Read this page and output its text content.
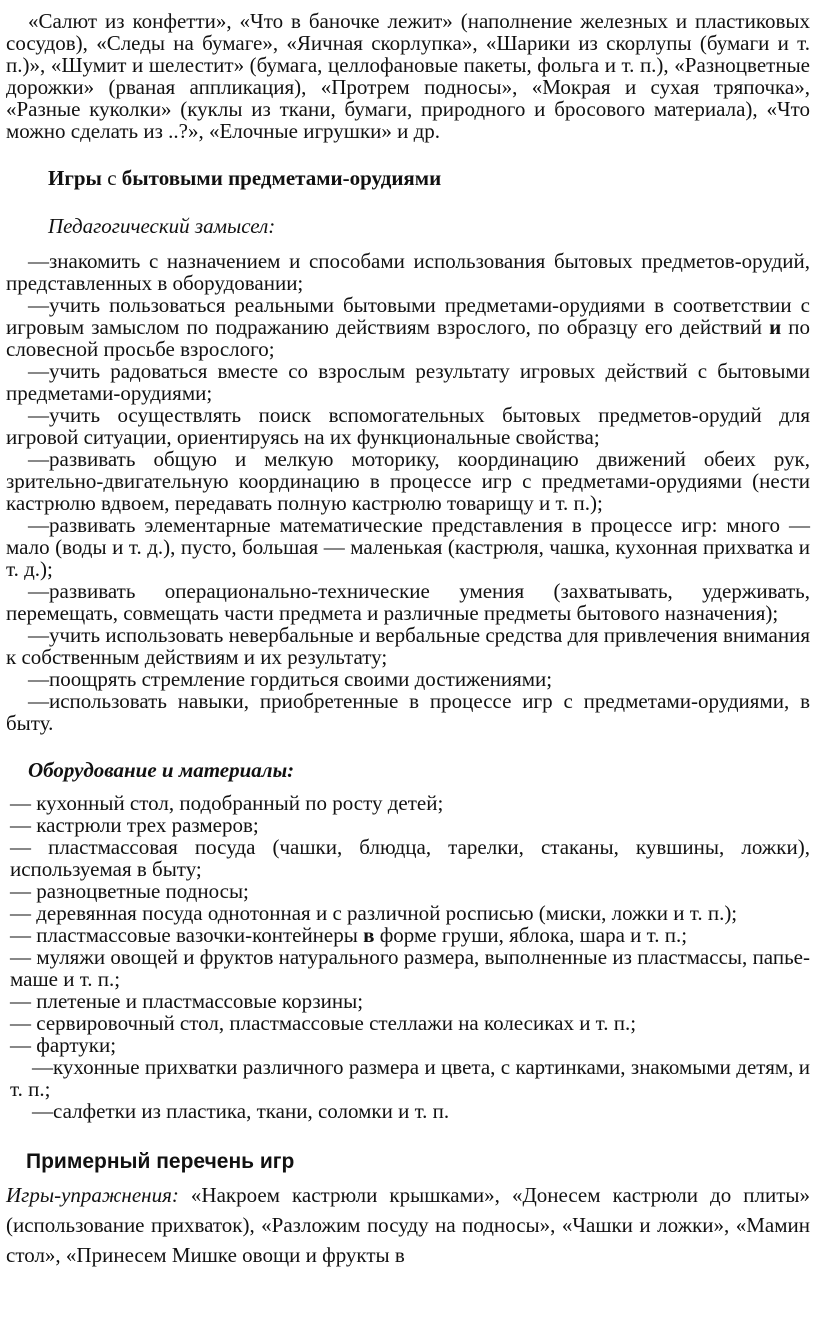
«Салют из конфетти», «Что в баночке лежит» (наполнение железных и пластиковых сосудов), «Следы на бумаге», «Яичная скорлупка», «Шарики из скорлупы (бумаги и т. п.)», «Шумит и шелестит» (бумага, целлофановые пакеты, фольга и т. п.), «Разноцветные дорожки» (рваная аппликация), «Протрем подносы», «Мокрая и сухая тряпочка», «Разные куколки» (куклы из ткани, бумаги, природного и бросового материала), «Что можно сделать из ..?», «Елочные игрушки» и др.

Игры с бытовыми предметами-орудиями

Педагогический замысел:

— знакомить с назначением и способами использования бытовых предметов-орудий, представленных в оборудовании;

— учить пользоваться реальными бытовыми предметами-орудиями в соответствии с игровым замыслом по подражанию действиям взрослого, по образцу его действий и по словесной просьбе взрослого;

— учить радоваться вместе со взрослым результату игровых действий с бытовыми предметами-орудиями;

— учить осуществлять поиск вспомогательных бытовых предметов-орудий для игровой ситуации, ориентируясь на их функциональные свойства;

— развивать общую и мелкую моторику, координацию движений обеих рук, зрительно-двигательную координацию в процессе игр с предметами-орудиями (нести кастрюлю вдвоем, передавать полную кастрюлю товарищу и т. п.);

— развивать элементарные математические представления в процессе игр: много — мало (воды и т. д.), пусто, большая — маленькая (кастрюля, чашка, кухонная прихватка и т. д.);

— развивать операционально-технические умения (захватывать, удерживать, перемещать, совмещать части предмета и различные предметы бытового назначения);

— учить использовать невербальные и вербальные средства для привлечения внимания к собственным действиям и их результату;

— поощрять стремление гордиться своими достижениями;

— использовать навыки, приобретенные в процессе игр с предметами-орудиями, в быту.

Оборудование и материалы:

— кухонный стол, подобранный по росту детей;

— кастрюли трех размеров;

— пластмассовая посуда (чашки, блюдца, тарелки, стаканы, кувшины, ложки), используемая в быту;

— разноцветные подносы;

— деревянная посуда однотонная и с различной росписью (миски, ложки и т. п.);

— пластмассовые вазочки-контейнеры в форме груши, яблока, шара и т. п.;

— муляжи овощей и фруктов натурального размера, выполненные из пластмассы, папье-маше и т. п.;

— плетеные и пластмассовые корзины;

— сервировочный стол, пластмассовые стеллажи на колесиках и т. п.;

— фартуки;

— кухонные прихватки различного размера и цвета, с картинками, знакомыми детям, и т. п.;

— салфетки из пластика, ткани, соломки и т. п.

Примерный перечень игр

Игры-упражнения: «Накроем кастрюли крышками», «Донесем кастрюли до плиты» (использование прихваток), «Разложим посуду на подносы», «Чашки и ложки», «Мамин стол», «Принесем Мишке овощи и фрукты в
